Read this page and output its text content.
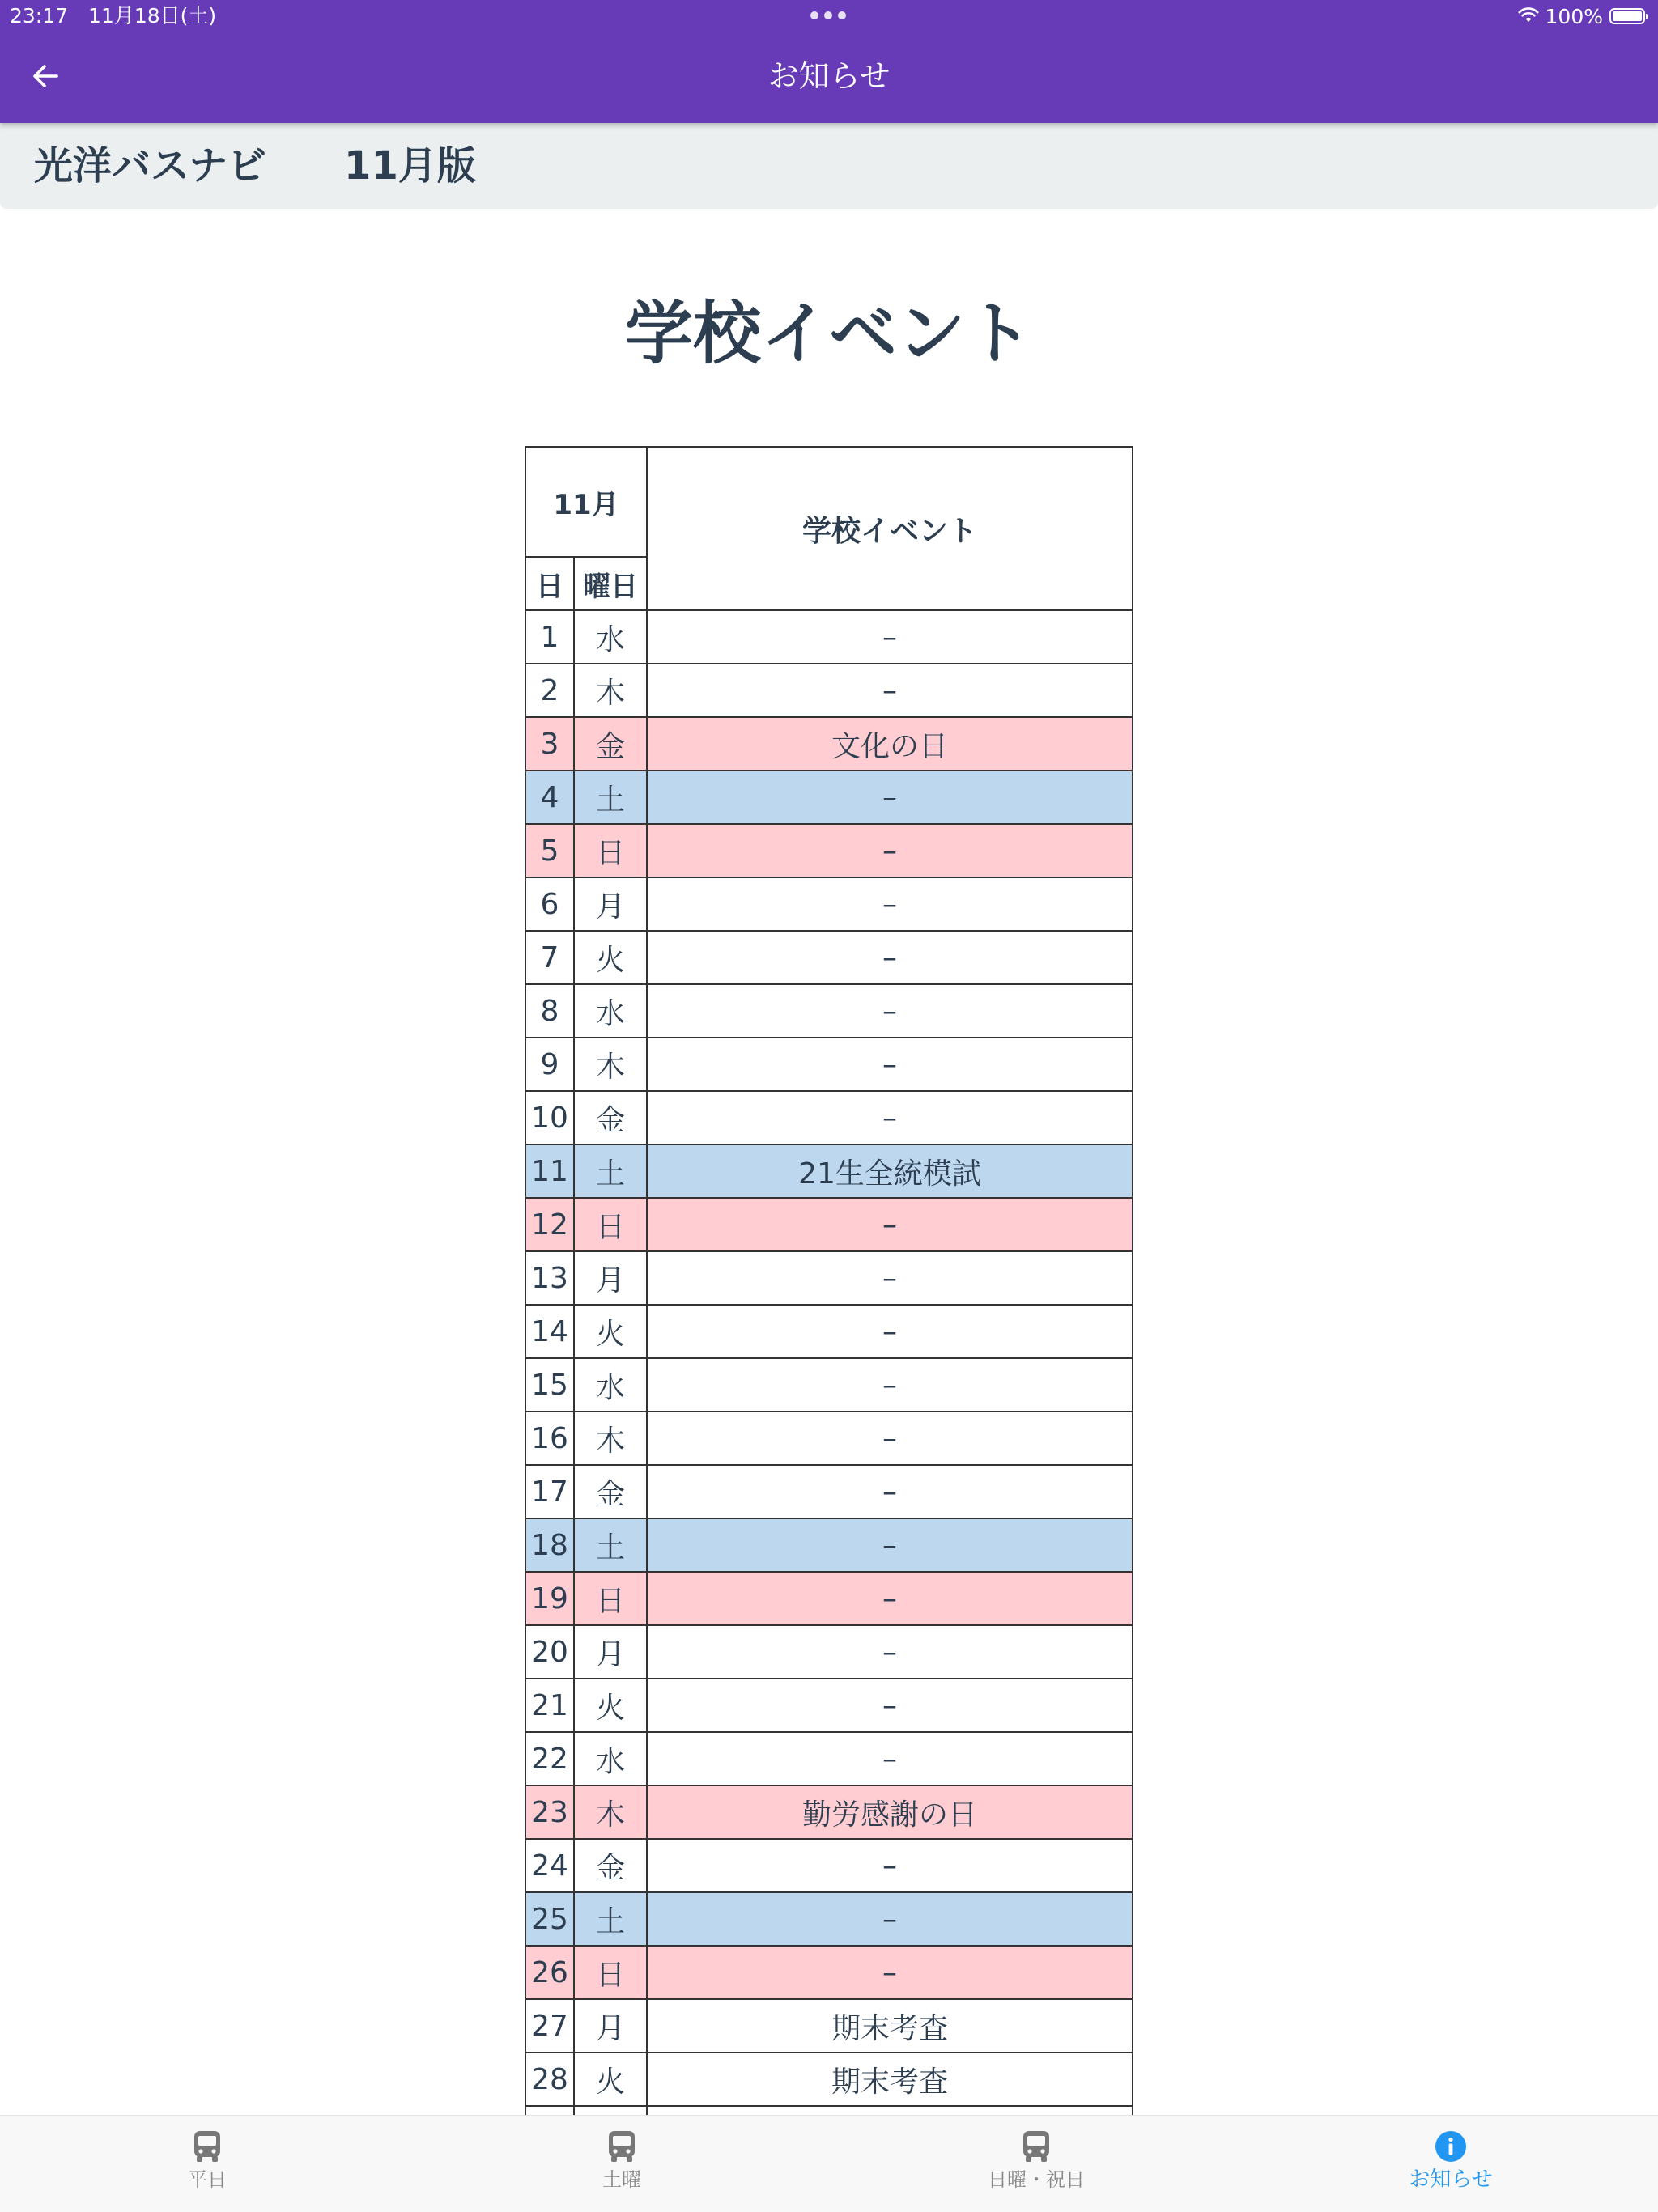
23:17　11月18日(土)	100%
お知らせ
光洋バスナビ　　11月版
学校イベント
11月		学校イベント
日	曜日	
1	水	–
2	木	–
3	金	文化の日
4	土	–
5	日	–
6	月	–
7	火	–
8	水	–
9	木	–
10	金	–
11	土	21生全統模試
12	日	–
13	月	–
14	火	–
15	水	–
16	木	–
17	金	–
18	土	–
19	日	–
20	月	–
21	火	–
22	水	–
23	木	勤労感謝の日
24	金	–
25	土	–
26	日	–
27	月	期末考査
28	火	期末考査

平日	土曜	日曜・祝日	お知らせ
